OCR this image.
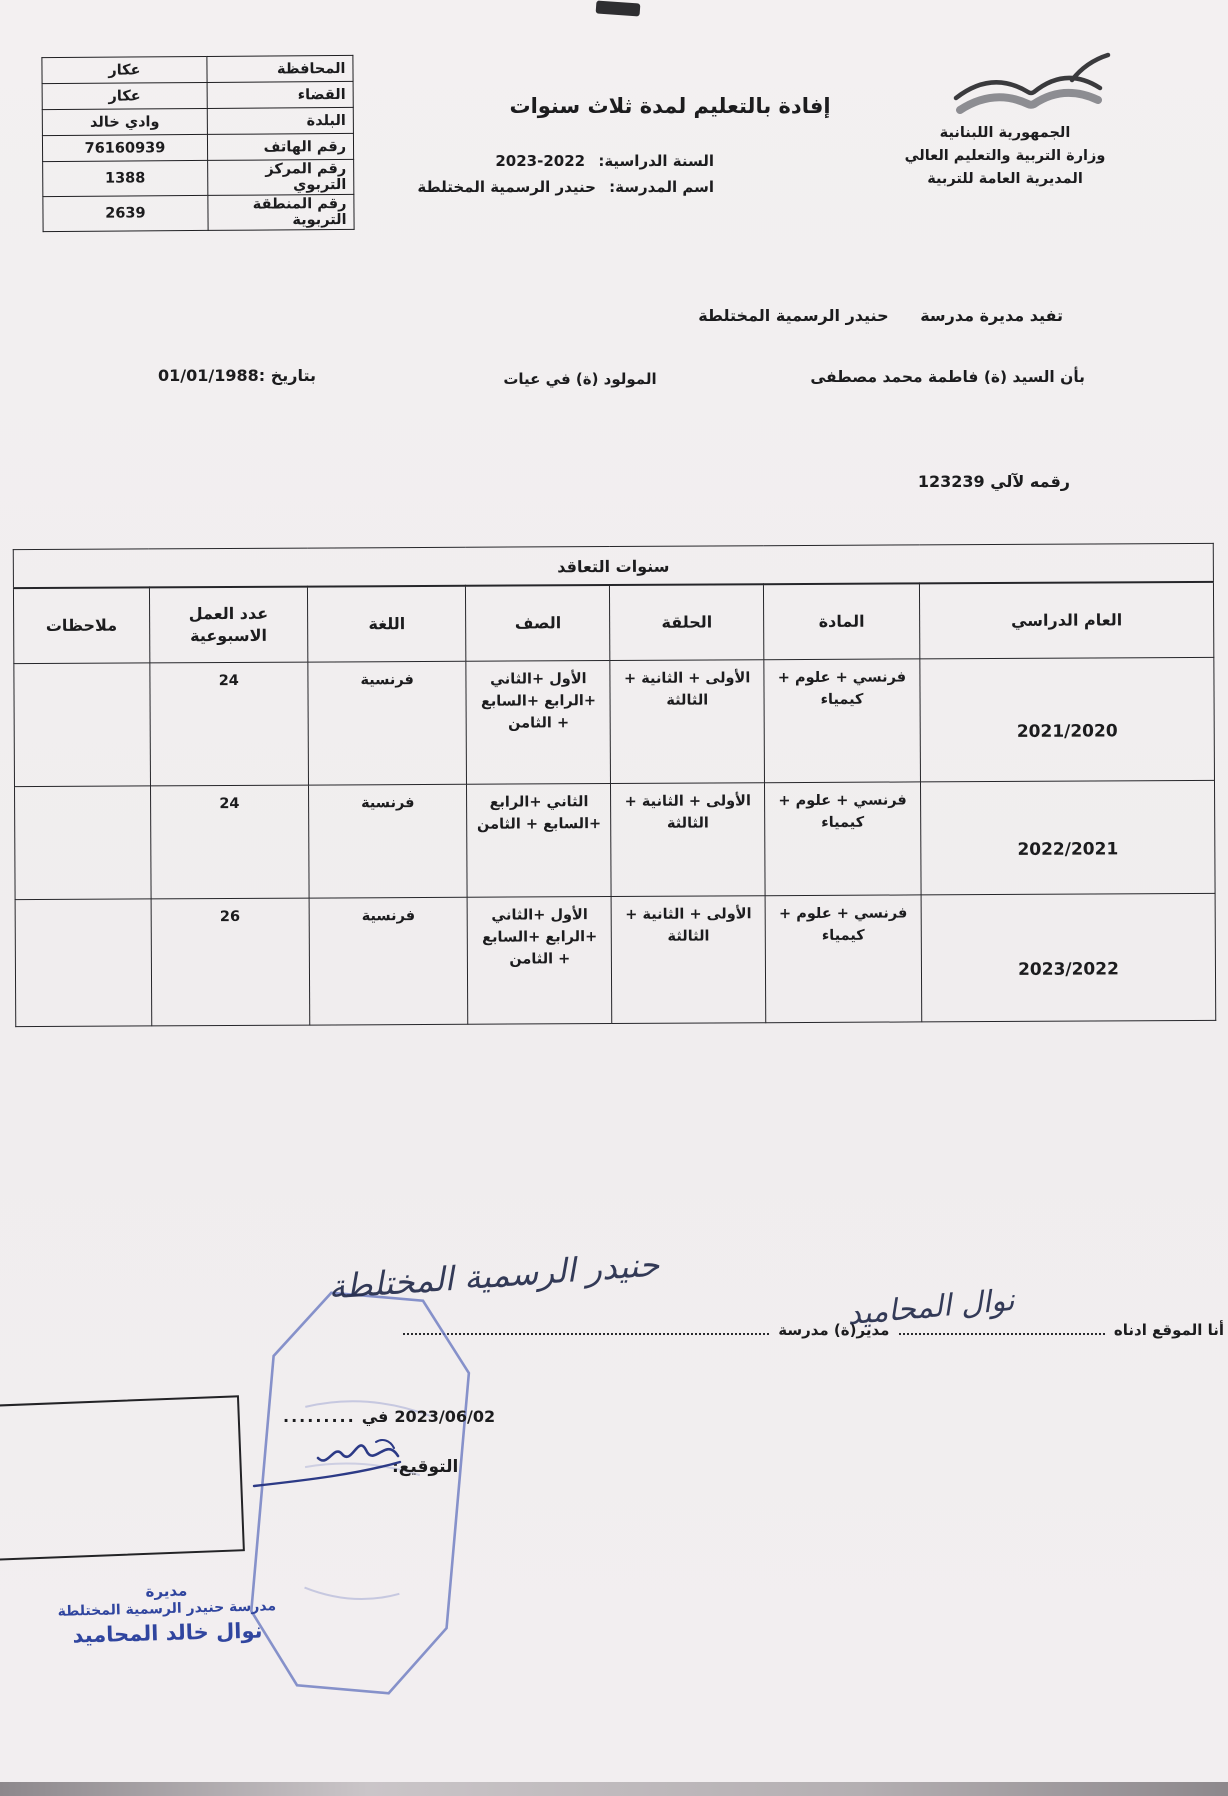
المحافظة	عكار
القضاء	عكار
البلدة	وادي خالد
رقم الهاتف	76160939
رقم المركز التربوي	1388
رقم المنطقة التربوية	2639
إفادة بالتعليم لمدة ثلاث سنوات
السنة الدراسية: 2023-2022
اسم المدرسة: حنيدر الرسمية المختلطة
الجمهورية اللبنانية
وزارة التربية والتعليم العالي
المديرية العامة للتربية
تفيد مديرة مدرسة حنيدر الرسمية المختلطة
بأن السيد (ة) فاطمة محمد مصطفى
المولود (ة) في عيات
بتاريخ :01/01/1988
رقمه لآلي 123239
سنوات التعاقد						
العام الدراسي	المادة	الحلقة	الصف	اللغة	عدد العمل الاسبوعية	ملاحظات
2021/2020	فرنسي + علوم + كيمياء	الأولى + الثانية + الثالثة	الأول +الثاني +الرابع +السابع + الثامن	فرنسية	24	
2022/2021	فرنسي + علوم + كيمياء	الأولى + الثانية + الثالثة	الثاني +الرابع +السابع + الثامن	فرنسية	24	
2023/2022	فرنسي + علوم + كيمياء	الأولى + الثانية + الثالثة	الأول +الثاني +الرابع +السابع + الثامن	فرنسية	26	
أنا الموقع ادناه  مدير(ة) مدرسة
نوال المحاميد
حنيدر الرسمية المختلطة
......... في 2023/06/02
التوقيع:
مديرة
مدرسة حنيدر الرسمية المختلطة
نوال خالد المحاميد
